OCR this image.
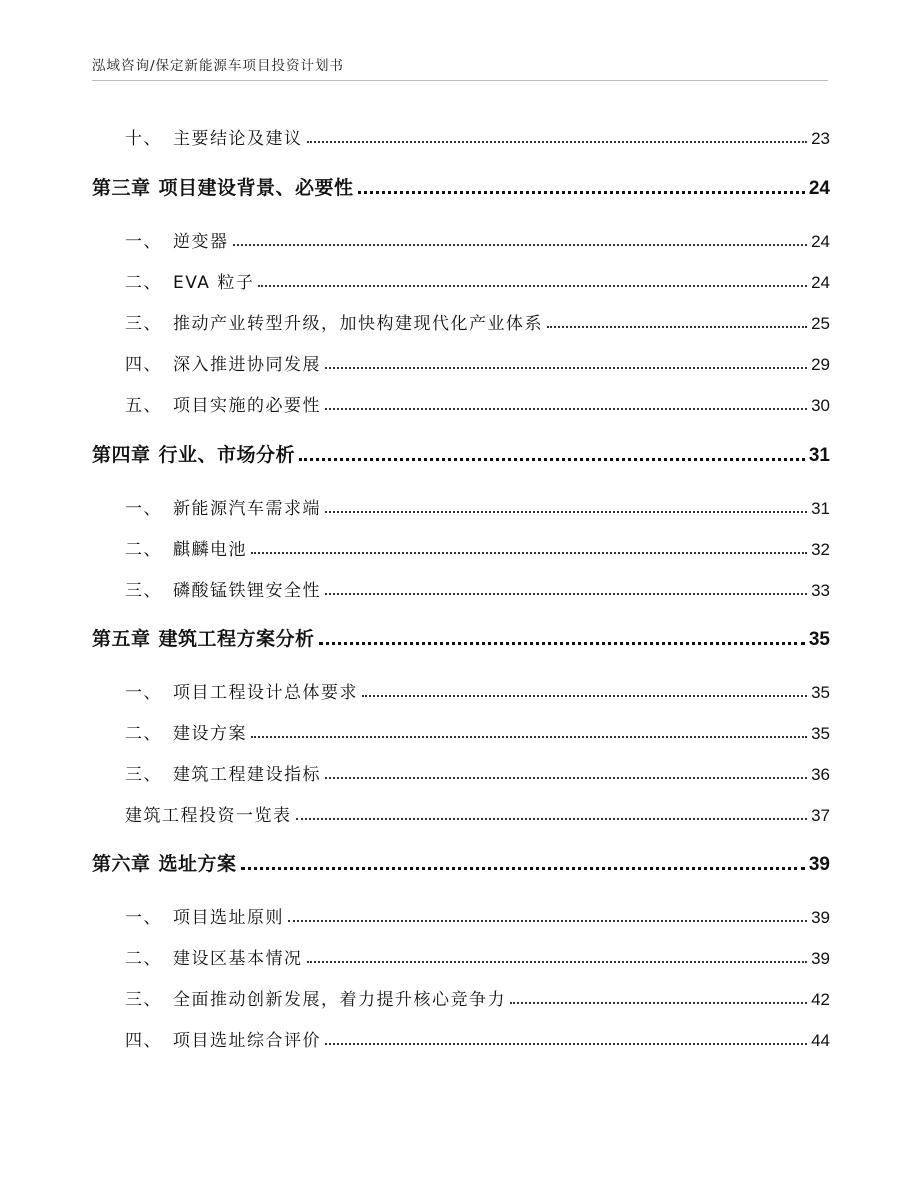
泓域咨询/保定新能源车项目投资计划书
十、 主要结论及建议	23
第三章 项目建设背景、必要性	24
一、 逆变器	24
二、 EVA 粒子	24
三、 推动产业转型升级，加快构建现代化产业体系	25
四、 深入推进协同发展	29
五、 项目实施的必要性	30
第四章 行业、市场分析	31
一、 新能源汽车需求端	31
二、 麒麟电池	32
三、 磷酸锰铁锂安全性	33
第五章 建筑工程方案分析	35
一、 项目工程设计总体要求	35
二、 建设方案	35
三、 建筑工程建设指标	36
建筑工程投资一览表	37
第六章 选址方案	39
一、 项目选址原则	39
二、 建设区基本情况	39
三、 全面推动创新发展，着力提升核心竞争力	42
四、 项目选址综合评价	44
